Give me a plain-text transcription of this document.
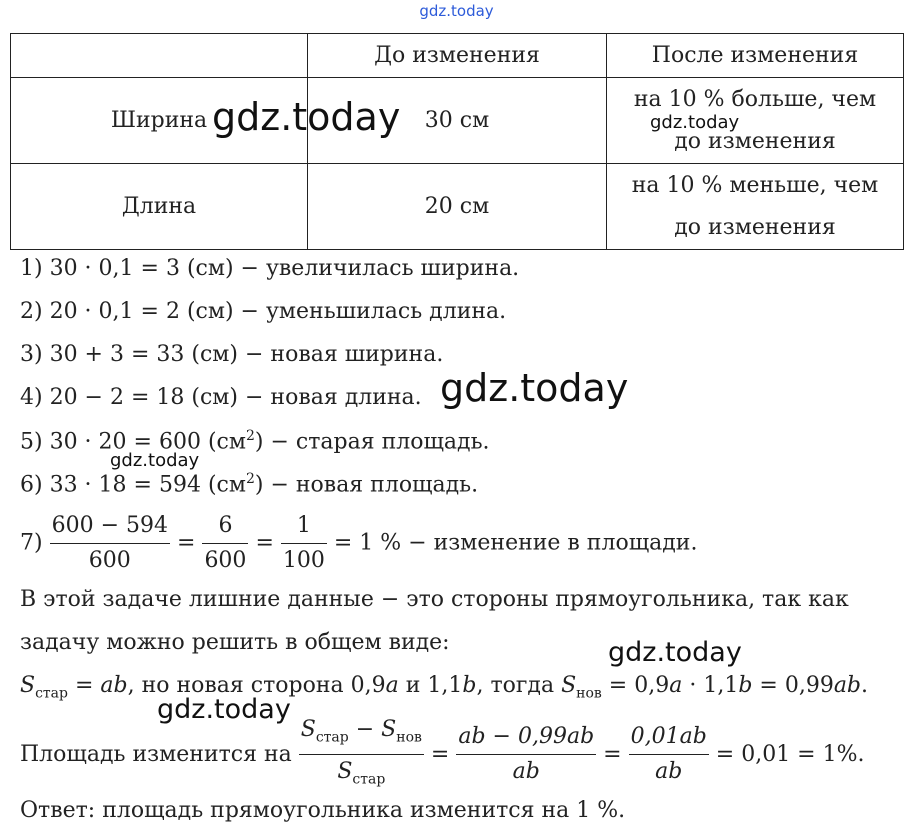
gdz.today
	До изменения	После изменения
Ширина	30 см	на 10 % больше, чем
до изменения

Длина	20 см	на 10 % меньше, чем
до изменения
1) 30 · 0,1 = 3 (см) − увеличилась ширина.
2) 20 · 0,1 = 2 (см) − уменьшилась длина.
3) 30 + 3 = 33 (см) − новая ширина.
4) 20 − 2 = 18 (см) − новая длина.
5) 30 · 20 = 600 $(см^2)$ − старая площадь.
6) 33 · 18 = 594 $(см^2)$ − новая площадь.
$7) \frac{600 - 594}{600} = \frac{6}{600} = \frac{1}{100} = 1$ % − изменение в площади.
В этой задаче лишние данные − это стороны прямоугольника, так как
задачу можно решить в общем виде:
$S_{стар}$ = ab, но новая сторона 0,9a и 1,1b, тогда $S_{нов} = 0,9a \cdot 1,1b = 0,99ab$.
Площадь изменится на $\frac{S_{стар} - S_{нов}}{S_{стар}} = \frac{ab - 0,99ab}{ab} = \frac{0,01ab}{ab} = 0,01 = 1\%$.
Ответ: площадь прямоугольника изменится на 1 %.
gdz.today	gdz.today
gdz.today
gdz.today
gdz.today
gdz.today
